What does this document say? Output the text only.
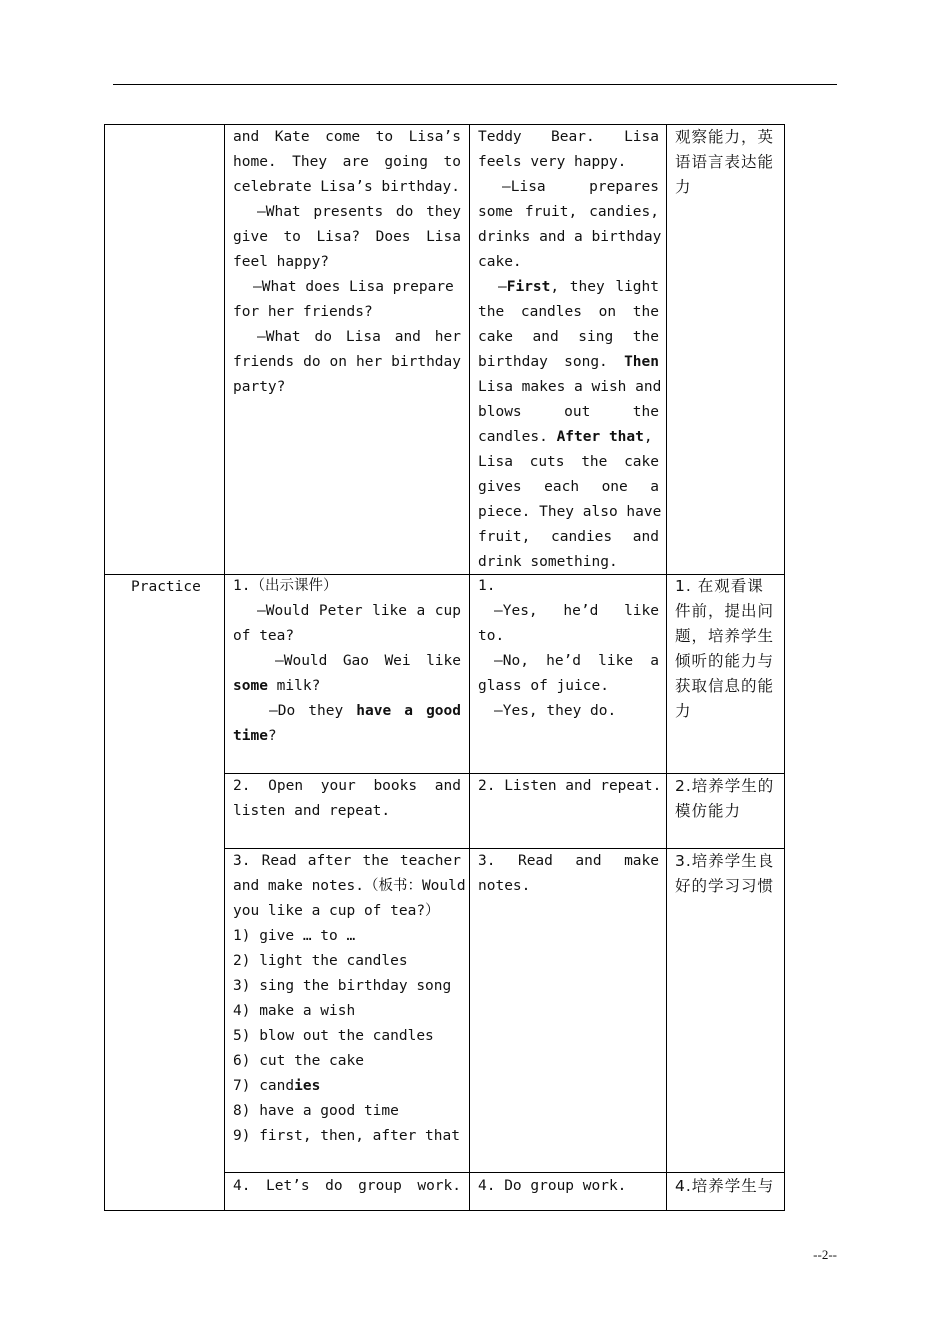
and Kate come to Lisa’s
home. They are going to
celebrate Lisa’s birthday.
—What presents do they
give to Lisa? Does Lisa
feel happy?
—What does Lisa prepare
for her friends?
—What do Lisa and her
friends do on her birthday
party?
Teddy Bear. Lisa
feels very happy.
—Lisa prepares
some fruit, candies,
drinks and a birthday
cake.
—First, they light
the candles on the
cake and sing the
birthday song. Then
Lisa makes a wish and
blows out the
candles. After that,
Lisa cuts the cake
gives each one a
piece. They also have
fruit, candies and
drink something.
观察能力，英
语语言表达能
力
Practice 1.（出示课件）
—Would Peter like a cup
of tea?
—Would Gao Wei like
some milk?
—Do they have a good
time?
1.
—Yes, he’d like
to.
—No, he’d like a
glass of juice.
—Yes, they do.
1. 在观看课
件前，提出问
题，培养学生
倾听的能力与
获取信息的能
力
2. Open your books and
listen and repeat.
2. Listen and repeat. 2.培养学生的
模仿能力
3. Read after the teacher
and make notes.（板书：Would
you like a cup of tea?）
1) give … to …
2) light the candles
3) sing the birthday song
4) make a wish
5) blow out the candles
6) cut the cake
7) candies
8) have a good time
9) first, then, after that
3. Read and make
notes.
3.培养学生良
好的学习习惯
4. Let’s do group work. 4. Do group work.	4.培养学生与
--2--
